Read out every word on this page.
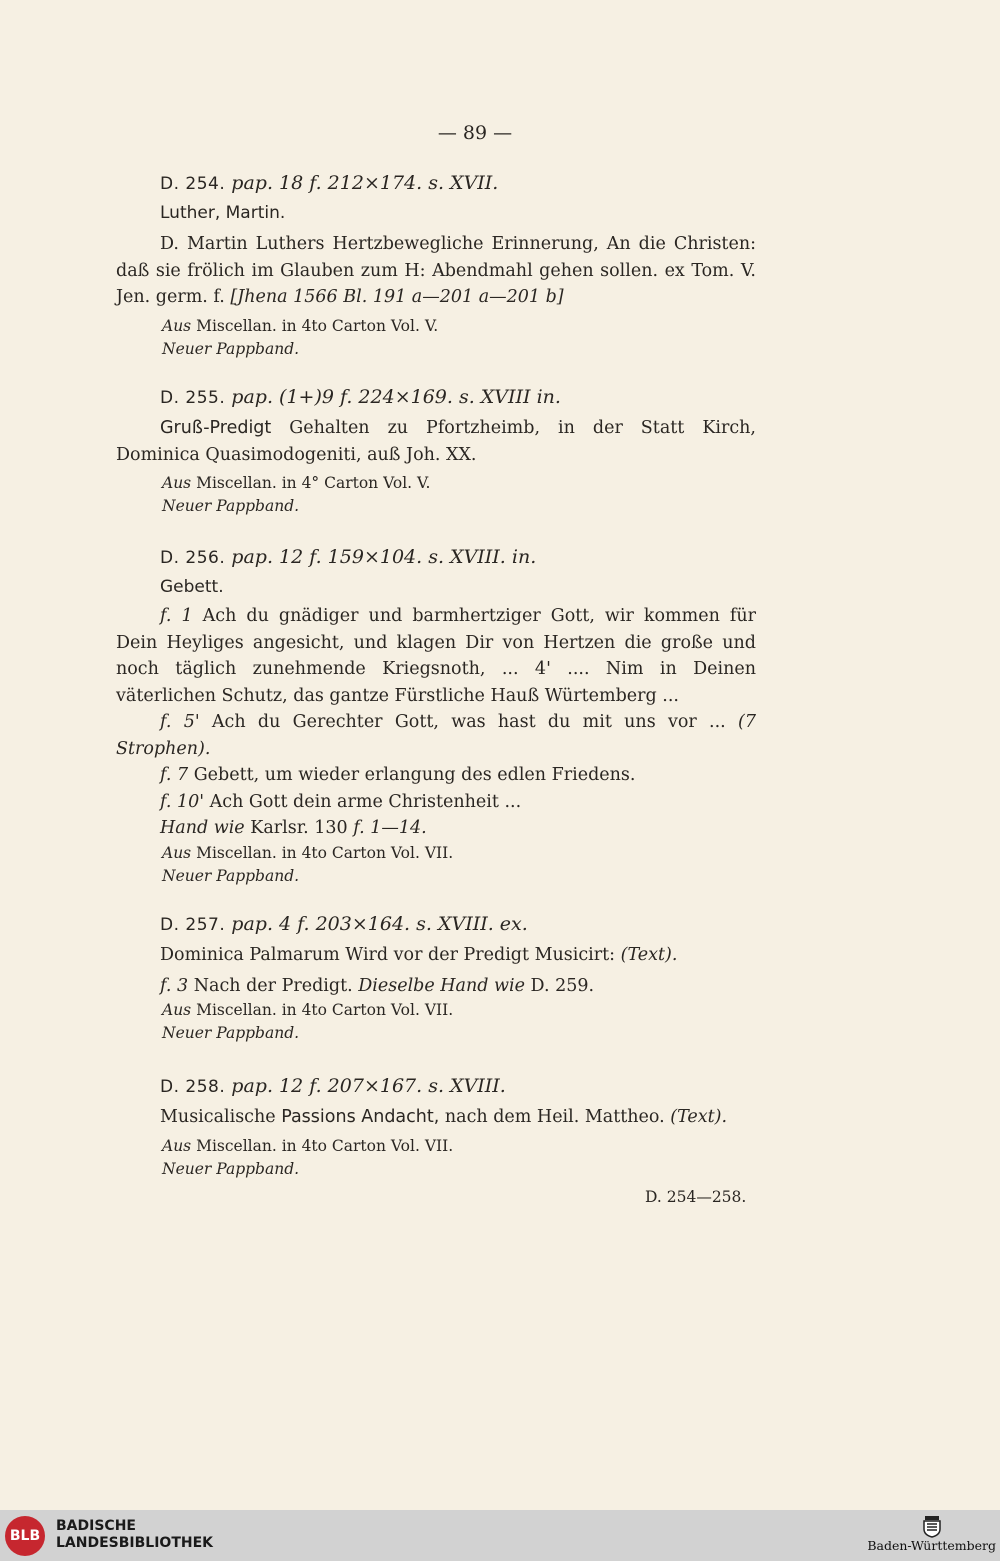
— 89 —
D. 254. pap. 18 f. 212×174. s. XVII.
Luther, Martin.
D. Martin Luthers Hertzbewegliche Erinnerung, An die Christen: daß sie frölich im Glauben zum H: Abendmahl gehen sollen. ex Tom. V. Jen. germ. f. [Jhena 1566 Bl. 191 a—201 a—201 b]
Aus Miscellan. in 4to Carton Vol. V.
Neuer Pappband.
D. 255. pap. (1+)9 f. 224×169. s. XVIII in.
Gruß-Predigt Gehalten zu Pfortzheimb, in der Statt Kirch, Dominica Quasimodogeniti, auß Joh. XX.
Aus Miscellan. in 4° Carton Vol. V.
Neuer Pappband.
D. 256. pap. 12 f. 159×104. s. XVIII. in.
Gebett.
f. 1 Ach du gnädiger und barmhertziger Gott, wir kommen für Dein Heyliges angesicht, und klagen Dir von Hertzen die große und noch täglich zunehmende Kriegsnoth, ... 4' .... Nim in Deinen väterlichen Schutz, das gantze Fürstliche Hauß Würtemberg ...
f. 5' Ach du Gerechter Gott, was hast du mit uns vor ... (7 Strophen).
f. 7 Gebett, um wieder erlangung des edlen Friedens.
f. 10' Ach Gott dein arme Christenheit ...
Hand wie Karlsr. 130 f. 1—14.
Aus Miscellan. in 4to Carton Vol. VII.
Neuer Pappband.
D. 257. pap. 4 f. 203×164. s. XVIII. ex.
Dominica Palmarum Wird vor der Predigt Musicirt: (Text).
f. 3 Nach der Predigt. Dieselbe Hand wie D. 259.
Aus Miscellan. in 4to Carton Vol. VII.
Neuer Pappband.
D. 258. pap. 12 f. 207×167. s. XVIII.
Musicalische Passions Andacht, nach dem Heil. Mattheo. (Text).
Aus Miscellan. in 4to Carton Vol. VII.
Neuer Pappband.
D. 254—258.
BLB
BADISCHE
LANDESBIBLIOTHEK	Baden-Württemberg
